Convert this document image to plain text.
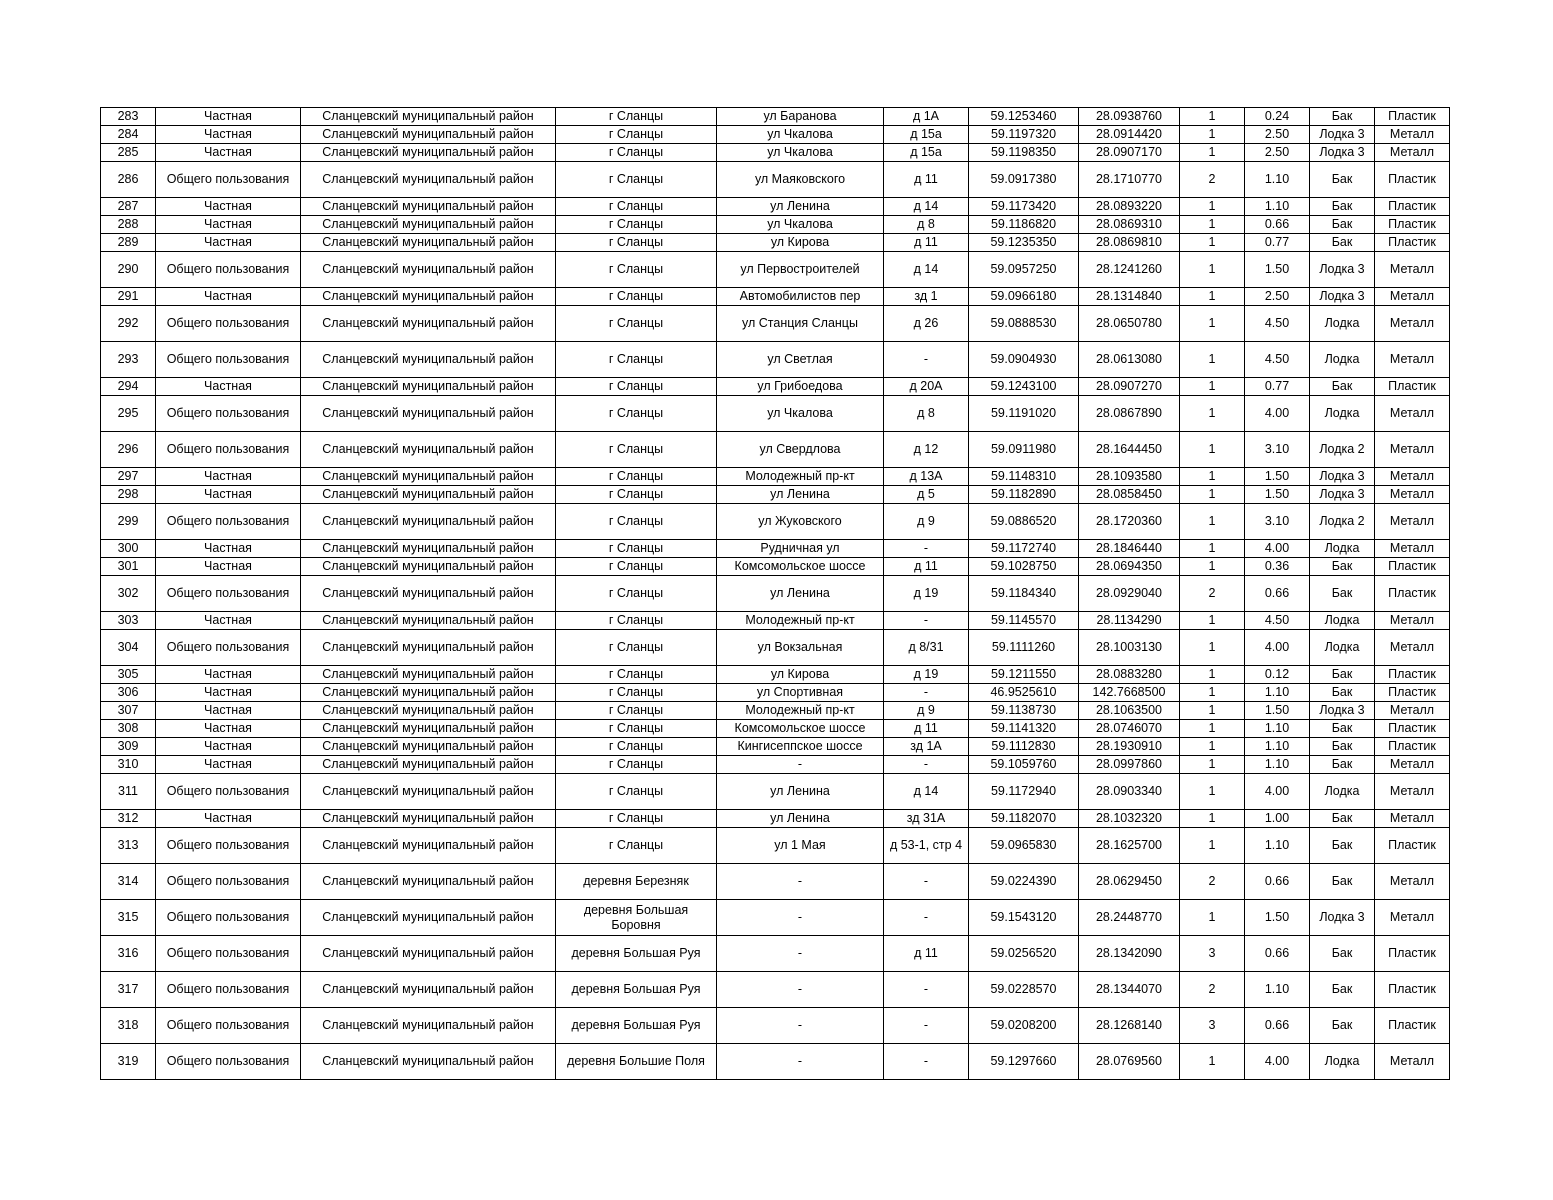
283	Частная	Сланцевский муниципальный район	г Сланцы	ул Баранова	д 1А	59.1253460	28.0938760	1	0.24	Бак	Пластик
284	Частная	Сланцевский муниципальный район	г Сланцы	ул Чкалова	д 15а	59.1197320	28.0914420	1	2.50	Лодка 3	Металл
285	Частная	Сланцевский муниципальный район	г Сланцы	ул Чкалова	д 15а	59.1198350	28.0907170	1	2.50	Лодка 3	Металл
286	Общего пользования	Сланцевский муниципальный район	г Сланцы	ул Маяковского	д 11	59.0917380	28.1710770	2	1.10	Бак	Пластик
287	Частная	Сланцевский муниципальный район	г Сланцы	ул Ленина	д 14	59.1173420	28.0893220	1	1.10	Бак	Пластик
288	Частная	Сланцевский муниципальный район	г Сланцы	ул Чкалова	д 8	59.1186820	28.0869310	1	0.66	Бак	Пластик
289	Частная	Сланцевский муниципальный район	г Сланцы	ул Кирова	д 11	59.1235350	28.0869810	1	0.77	Бак	Пластик
290	Общего пользования	Сланцевский муниципальный район	г Сланцы	ул Первостроителей	д 14	59.0957250	28.1241260	1	1.50	Лодка 3	Металл
291	Частная	Сланцевский муниципальный район	г Сланцы	Автомобилистов пер	зд 1	59.0966180	28.1314840	1	2.50	Лодка 3	Металл
292	Общего пользования	Сланцевский муниципальный район	г Сланцы	ул Станция Сланцы	д 26	59.0888530	28.0650780	1	4.50	Лодка	Металл
293	Общего пользования	Сланцевский муниципальный район	г Сланцы	ул Светлая	-	59.0904930	28.0613080	1	4.50	Лодка	Металл
294	Частная	Сланцевский муниципальный район	г Сланцы	ул Грибоедова	д 20А	59.1243100	28.0907270	1	0.77	Бак	Пластик
295	Общего пользования	Сланцевский муниципальный район	г Сланцы	ул Чкалова	д 8	59.1191020	28.0867890	1	4.00	Лодка	Металл
296	Общего пользования	Сланцевский муниципальный район	г Сланцы	ул Свердлова	д 12	59.0911980	28.1644450	1	3.10	Лодка 2	Металл
297	Частная	Сланцевский муниципальный район	г Сланцы	Молодежный пр-кт	д 13А	59.1148310	28.1093580	1	1.50	Лодка 3	Металл
298	Частная	Сланцевский муниципальный район	г Сланцы	ул Ленина	д 5	59.1182890	28.0858450	1	1.50	Лодка 3	Металл
299	Общего пользования	Сланцевский муниципальный район	г Сланцы	ул Жуковского	д 9	59.0886520	28.1720360	1	3.10	Лодка 2	Металл
300	Частная	Сланцевский муниципальный район	г Сланцы	Рудничная ул	-	59.1172740	28.1846440	1	4.00	Лодка	Металл
301	Частная	Сланцевский муниципальный район	г Сланцы	Комсомольское шоссе	д 11	59.1028750	28.0694350	1	0.36	Бак	Пластик
302	Общего пользования	Сланцевский муниципальный район	г Сланцы	ул Ленина	д 19	59.1184340	28.0929040	2	0.66	Бак	Пластик
303	Частная	Сланцевский муниципальный район	г Сланцы	Молодежный пр-кт	-	59.1145570	28.1134290	1	4.50	Лодка	Металл
304	Общего пользования	Сланцевский муниципальный район	г Сланцы	ул Вокзальная	д 8/31	59.1111260	28.1003130	1	4.00	Лодка	Металл
305	Частная	Сланцевский муниципальный район	г Сланцы	ул Кирова	д 19	59.1211550	28.0883280	1	0.12	Бак	Пластик
306	Частная	Сланцевский муниципальный район	г Сланцы	ул Спортивная	-	46.9525610	142.7668500	1	1.10	Бак	Пластик
307	Частная	Сланцевский муниципальный район	г Сланцы	Молодежный пр-кт	д 9	59.1138730	28.1063500	1	1.50	Лодка 3	Металл
308	Частная	Сланцевский муниципальный район	г Сланцы	Комсомольское шоссе	д 11	59.1141320	28.0746070	1	1.10	Бак	Пластик
309	Частная	Сланцевский муниципальный район	г Сланцы	Кингисеппское шоссе	зд 1А	59.1112830	28.1930910	1	1.10	Бак	Пластик
310	Частная	Сланцевский муниципальный район	г Сланцы	-	-	59.1059760	28.0997860	1	1.10	Бак	Металл
311	Общего пользования	Сланцевский муниципальный район	г Сланцы	ул Ленина	д 14	59.1172940	28.0903340	1	4.00	Лодка	Металл
312	Частная	Сланцевский муниципальный район	г Сланцы	ул Ленина	зд 31А	59.1182070	28.1032320	1	1.00	Бак	Металл
313	Общего пользования	Сланцевский муниципальный район	г Сланцы	ул 1 Мая	д 53-1, стр 4	59.0965830	28.1625700	1	1.10	Бак	Пластик
314	Общего пользования	Сланцевский муниципальный район	деревня Березняк	-	-	59.0224390	28.0629450	2	0.66	Бак	Металл
315	Общего пользования	Сланцевский муниципальный район	деревня Большая Боровня	-	-	59.1543120	28.2448770	1	1.50	Лодка 3	Металл
316	Общего пользования	Сланцевский муниципальный район	деревня Большая Руя	-	д 11	59.0256520	28.1342090	3	0.66	Бак	Пластик
317	Общего пользования	Сланцевский муниципальный район	деревня Большая Руя	-	-	59.0228570	28.1344070	2	1.10	Бак	Пластик
318	Общего пользования	Сланцевский муниципальный район	деревня Большая Руя	-	-	59.0208200	28.1268140	3	0.66	Бак	Пластик
319	Общего пользования	Сланцевский муниципальный район	деревня Большие Поля	-	-	59.1297660	28.0769560	1	4.00	Лодка	Металл
